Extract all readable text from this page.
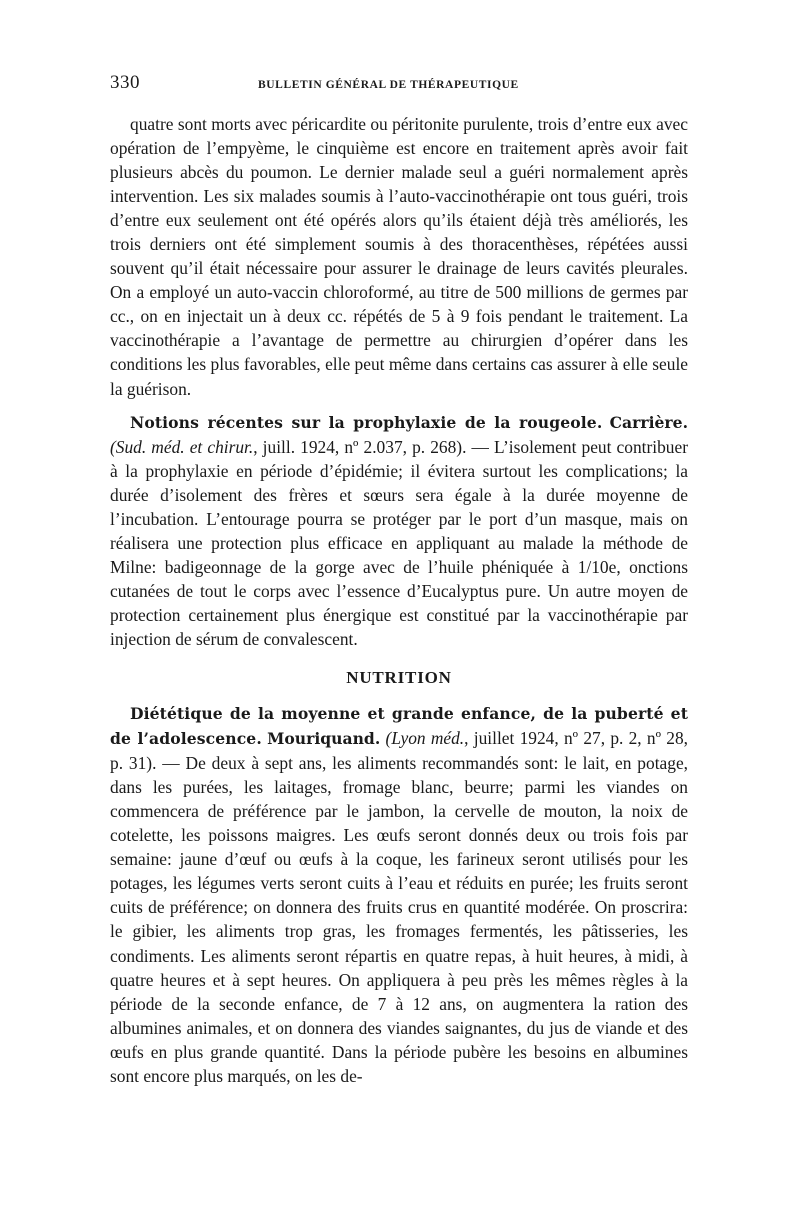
330	BULLETIN GÉNÉRAL DE THÉRAPEUTIQUE

quatre sont morts avec péricardite ou péritonite purulente, trois d’entre eux avec opération de l’empyème, le cinquième est encore en traitement après avoir fait plusieurs abcès du poumon. Le dernier malade seul a guéri normalement après intervention. Les six malades soumis à l’auto-vaccinothérapie ont tous guéri, trois d’entre eux seulement ont été opérés alors qu’ils étaient déjà très améliorés, les trois derniers ont été simplement soumis à des thoracenthèses, répétées aussi souvent qu’il était nécessaire pour assurer le drainage de leurs cavités pleurales. On a employé un auto-vaccin chloroformé, au titre de 500 millions de germes par cc., on en injectait un à deux cc. répétés de 5 à 9 fois pendant le traitement. La vaccinothérapie a l’avantage de permettre au chirurgien d’opérer dans les conditions les plus favorables, elle peut même dans certains cas assurer à elle seule la guérison.

Notions récentes sur la prophylaxie de la rougeole. Carrière. (Sud. méd. et chirur., juill. 1924, nº 2.037, p. 268). — L’isolement peut contribuer à la prophylaxie en période d’épidémie; il évitera surtout les complications; la durée d’isolement des frères et sœurs sera égale à la durée moyenne de l’incubation. L’entourage pourra se protéger par le port d’un masque, mais on réalisera une protection plus efficace en appliquant au malade la méthode de Milne: badigeonnage de la gorge avec de l’huile phéniquée à 1/10e, onctions cutanées de tout le corps avec l’essence d’Eucalyptus pure. Un autre moyen de protection certainement plus énergique est constitué par la vaccinothérapie par injection de sérum de convalescent.

NUTRITION

Diététique de la moyenne et grande enfance, de la puberté et de l’adolescence. Mouriquand. (Lyon méd., juillet 1924, nº 27, p. 2, nº 28, p. 31). — De deux à sept ans, les aliments recommandés sont: le lait, en potage, dans les purées, les laitages, fromage blanc, beurre; parmi les viandes on commencera de préférence par le jambon, la cervelle de mouton, la noix de cotelette, les poissons maigres. Les œufs seront donnés deux ou trois fois par semaine: jaune d’œuf ou œufs à la coque, les farineux seront utilisés pour les potages, les légumes verts seront cuits à l’eau et réduits en purée; les fruits seront cuits de préférence; on donnera des fruits crus en quantité modérée. On proscrira: le gibier, les aliments trop gras, les fromages fermentés, les pâtisseries, les condiments. Les aliments seront répartis en quatre repas, à huit heures, à midi, à quatre heures et à sept heures. On appliquera à peu près les mêmes règles à la période de la seconde enfance, de 7 à 12 ans, on augmentera la ration des albumines animales, et on donnera des viandes saignantes, du jus de viande et des œufs en plus grande quantité. Dans la période pubère les besoins en albumines sont encore plus marqués, on les de-
